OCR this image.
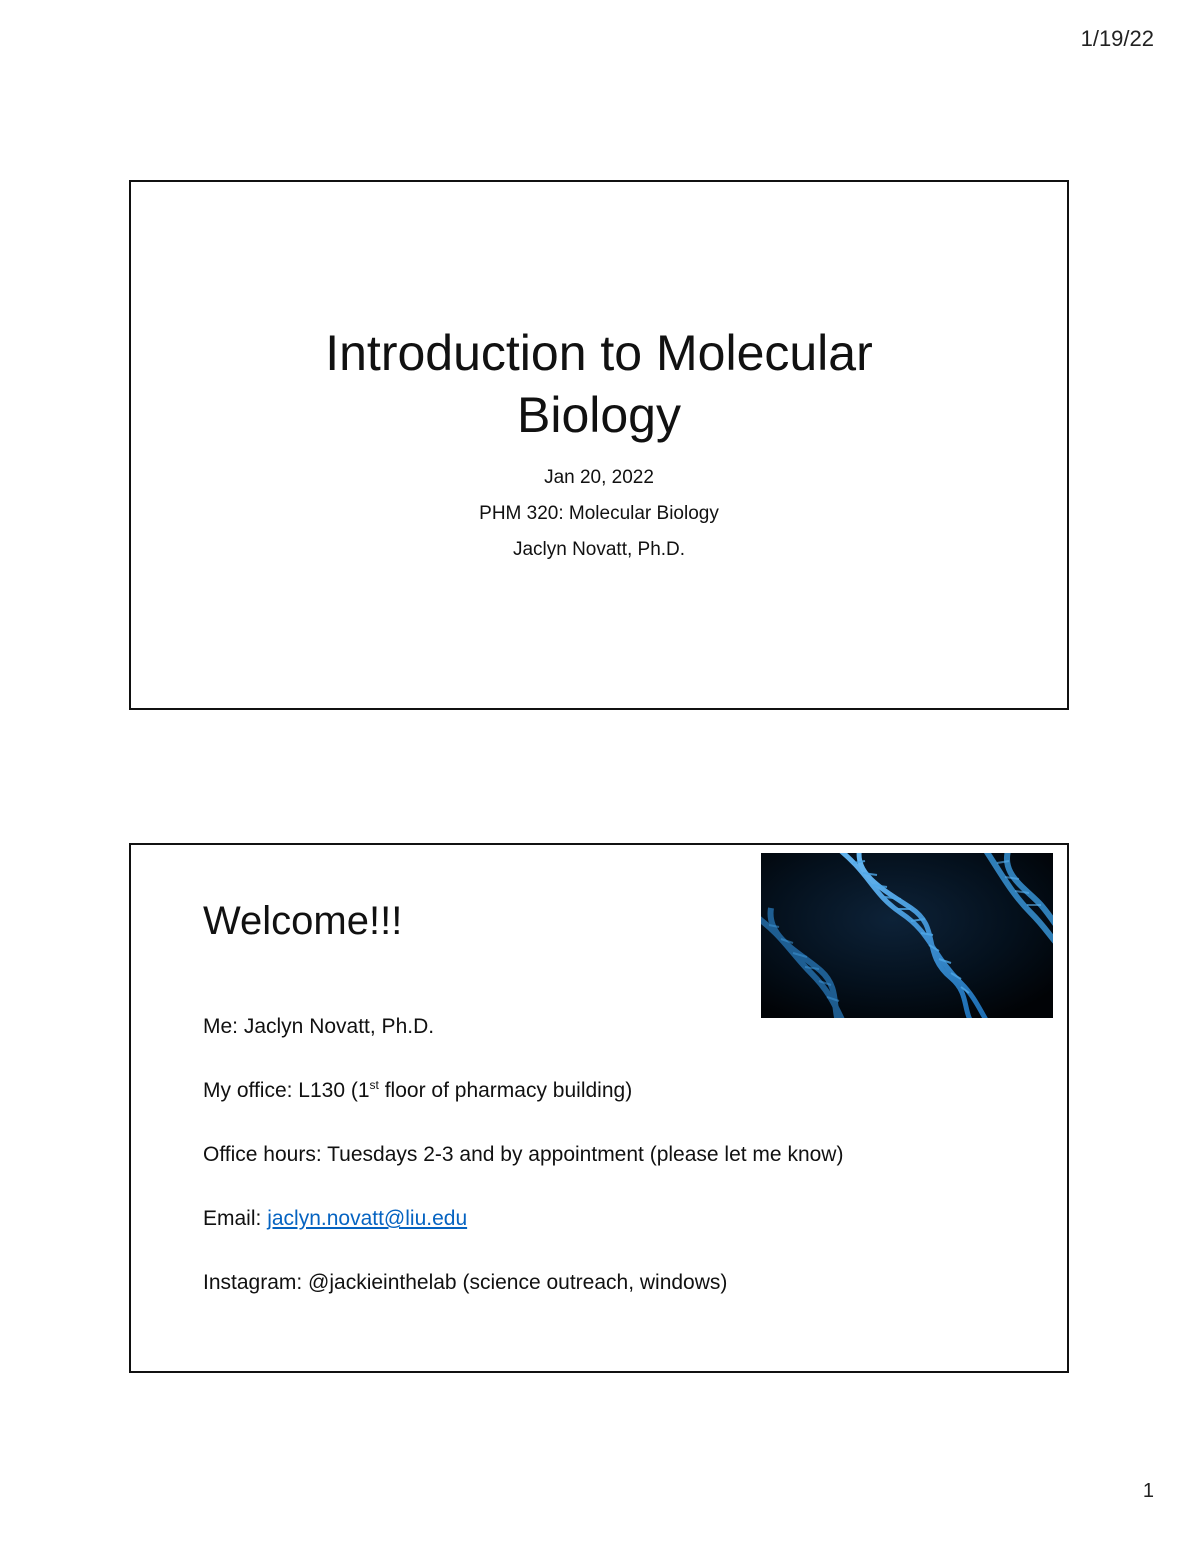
1/19/22
Introduction to Molecular
Biology
Jan 20, 2022
PHM 320: Molecular Biology
Jaclyn Novatt, Ph.D.
Welcome!!!
Me: Jaclyn Novatt, Ph.D.
My office: L130 (1st floor of pharmacy building)
Office hours: Tuesdays 2-3 and by appointment (please let me know)
Email: jaclyn.novatt@liu.edu
Instagram: @jackieinthelab (science outreach, windows)
1
